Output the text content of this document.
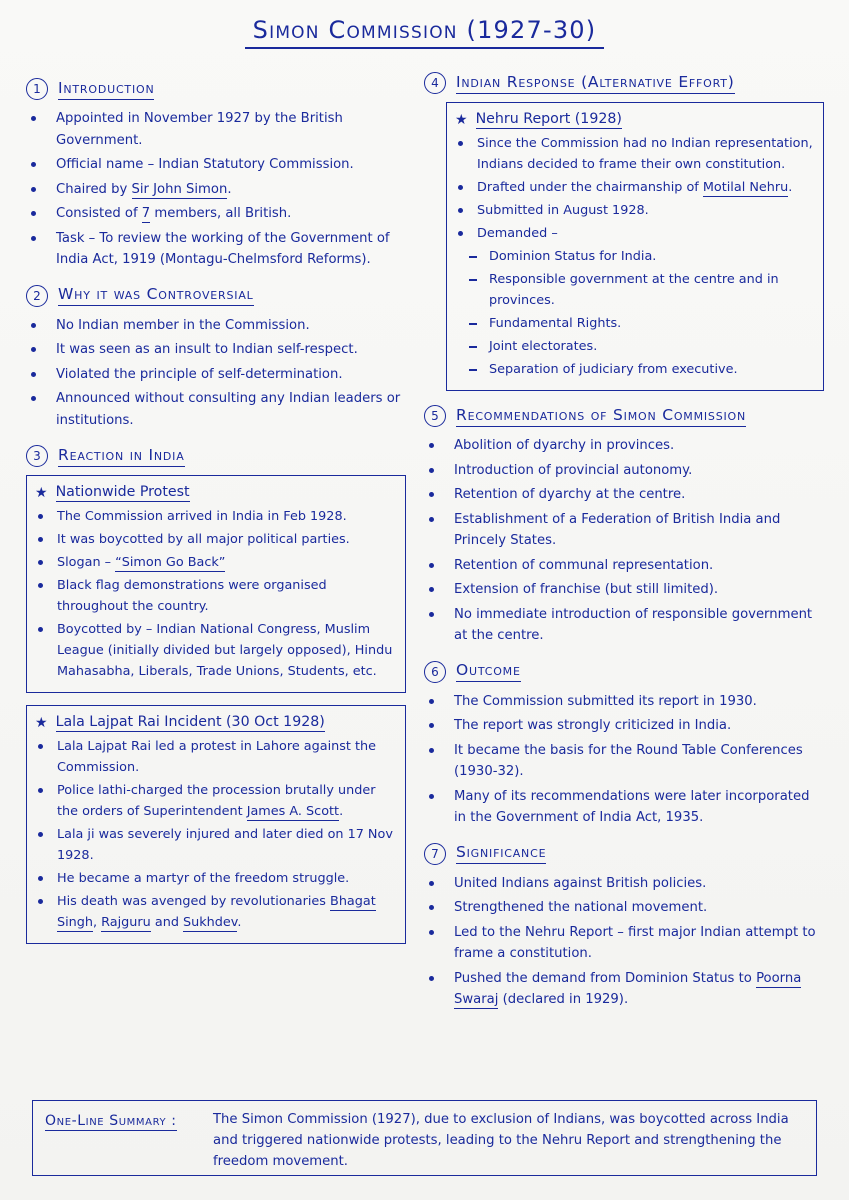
Simon Commission (1927-30)
1	Introduction
Appointed in November 1927 by the British Government.
Official name – Indian Statutory Commission.
Chaired by Sir John Simon.
Consisted of 7 members, all British.
Task – To review the working of the Government of India Act, 1919 (Montagu-Chelmsford Reforms).
2	Why it was Controversial
No Indian member in the Commission.
It was seen as an insult to Indian self-respect.
Violated the principle of self-determination.
Announced without consulting any Indian leaders or institutions.
3	Reaction in India
★ Nationwide Protest
The Commission arrived in India in Feb 1928.
It was boycotted by all major political parties.
Slogan – “Simon Go Back”
Black flag demonstrations were organised throughout the country.
Boycotted by – Indian National Congress, Muslim League (initially divided but largely opposed), Hindu Mahasabha, Liberals, Trade Unions, Students, etc.
★ Lala Lajpat Rai Incident (30 Oct 1928)
Lala Lajpat Rai led a protest in Lahore against the Commission.
Police lathi-charged the procession brutally under the orders of Superintendent James A. Scott.
Lala ji was severely injured and later died on 17 Nov 1928.
He became a martyr of the freedom struggle.
His death was avenged by revolutionaries Bhagat Singh, Rajguru and Sukhdev.
4	Indian Response (Alternative Effort)
★ Nehru Report (1928)
Since the Commission had no Indian representation, Indians decided to frame their own constitution.
Drafted under the chairmanship of Motilal Nehru.
Submitted in August 1928.
Demanded –
Dominion Status for India.
Responsible government at the centre and in provinces.
Fundamental Rights.
Joint electorates.
Separation of judiciary from executive.
5	Recommendations of Simon Commission
Abolition of dyarchy in provinces.
Introduction of provincial autonomy.
Retention of dyarchy at the centre.
Establishment of a Federation of British India and Princely States.
Retention of communal representation.
Extension of franchise (but still limited).
No immediate introduction of responsible government at the centre.
6	Outcome
The Commission submitted its report in 1930.
The report was strongly criticized in India.
It became the basis for the Round Table Conferences (1930-32).
Many of its recommendations were later incorporated in the Government of India Act, 1935.
7	Significance
United Indians against British policies.
Strengthened the national movement.
Led to the Nehru Report – first major Indian attempt to frame a constitution.
Pushed the demand from Dominion Status to Poorna Swaraj (declared in 1929).
One-Line Summary :	The Simon Commission (1927), due to exclusion of Indians, was boycotted across India and triggered nationwide protests, leading to the Nehru Report and strengthening the freedom movement.
